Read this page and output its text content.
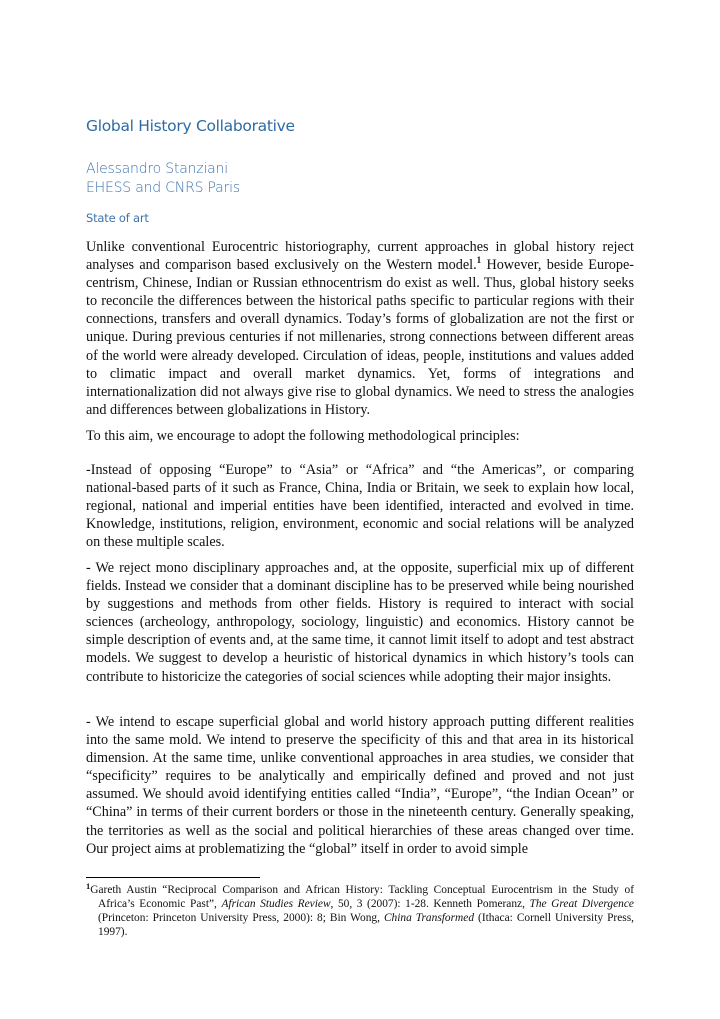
Global History Collaborative
Alessandro Stanziani
EHESS and CNRS Paris
State of art

Unlike conventional Eurocentric historiography, current approaches in global history reject analyses and comparison based exclusively on the Western model.$^1$ However, beside Europe-centrism, Chinese, Indian or Russian ethnocentrism do exist as well. Thus, global history seeks to reconcile the differences between the historical paths specific to particular regions with their connections, transfers and overall dynamics. Today’s forms of globalization are not the first or unique. During previous centuries if not millenaries, strong connections between different areas of the world were already developed. Circulation of ideas, people, institutions and values added to climatic impact and overall market dynamics. Yet, forms of integrations and internationalization did not always give rise to global dynamics. We need to stress the analogies and differences between globalizations in History.

To this aim, we encourage to adopt the following methodological principles:

-Instead of opposing “Europe” to “Asia” or “Africa” and “the Americas”, or comparing national-based parts of it such as France, China, India or Britain, we seek to explain how local, regional, national and imperial entities have been identified, interacted and evolved in time. Knowledge, institutions, religion, environment, economic and social relations will be analyzed on these multiple scales.

- We reject mono disciplinary approaches and, at the opposite, superficial mix up of different fields. Instead we consider that a dominant discipline has to be preserved while being nourished by suggestions and methods from other fields. History is required to interact with social sciences (archeology, anthropology, sociology, linguistic) and economics. History cannot be simple description of events and, at the same time, it cannot limit itself to adopt and test abstract models. We suggest to develop a heuristic of historical dynamics in which history’s tools can contribute to historicize the categories of social sciences while adopting their major insights.

- We intend to escape superficial global and world history approach putting different realities into the same mold. We intend to preserve the specificity of this and that area in its historical dimension. At the same time, unlike conventional approaches in area studies, we consider that “specificity” requires to be analytically and empirically defined and proved and not just assumed. We should avoid identifying entities called “India”, “Europe”, “the Indian Ocean” or “China” in terms of their current borders or those in the nineteenth century. Generally speaking, the territories as well as the social and political hierarchies of these areas changed over time. Our project aims at problematizing the “global” itself in order to avoid simple

$^1$Gareth Austin “Reciprocal Comparison and African History: Tackling Conceptual Eurocentrism in the Study of Africa’s Economic Past”, African Studies Review, 50, 3 (2007): 1-28. Kenneth Pomeranz, The Great Divergence (Princeton: Princeton University Press, 2000): 8; Bin Wong, China Transformed (Ithaca: Cornell University Press, 1997).
